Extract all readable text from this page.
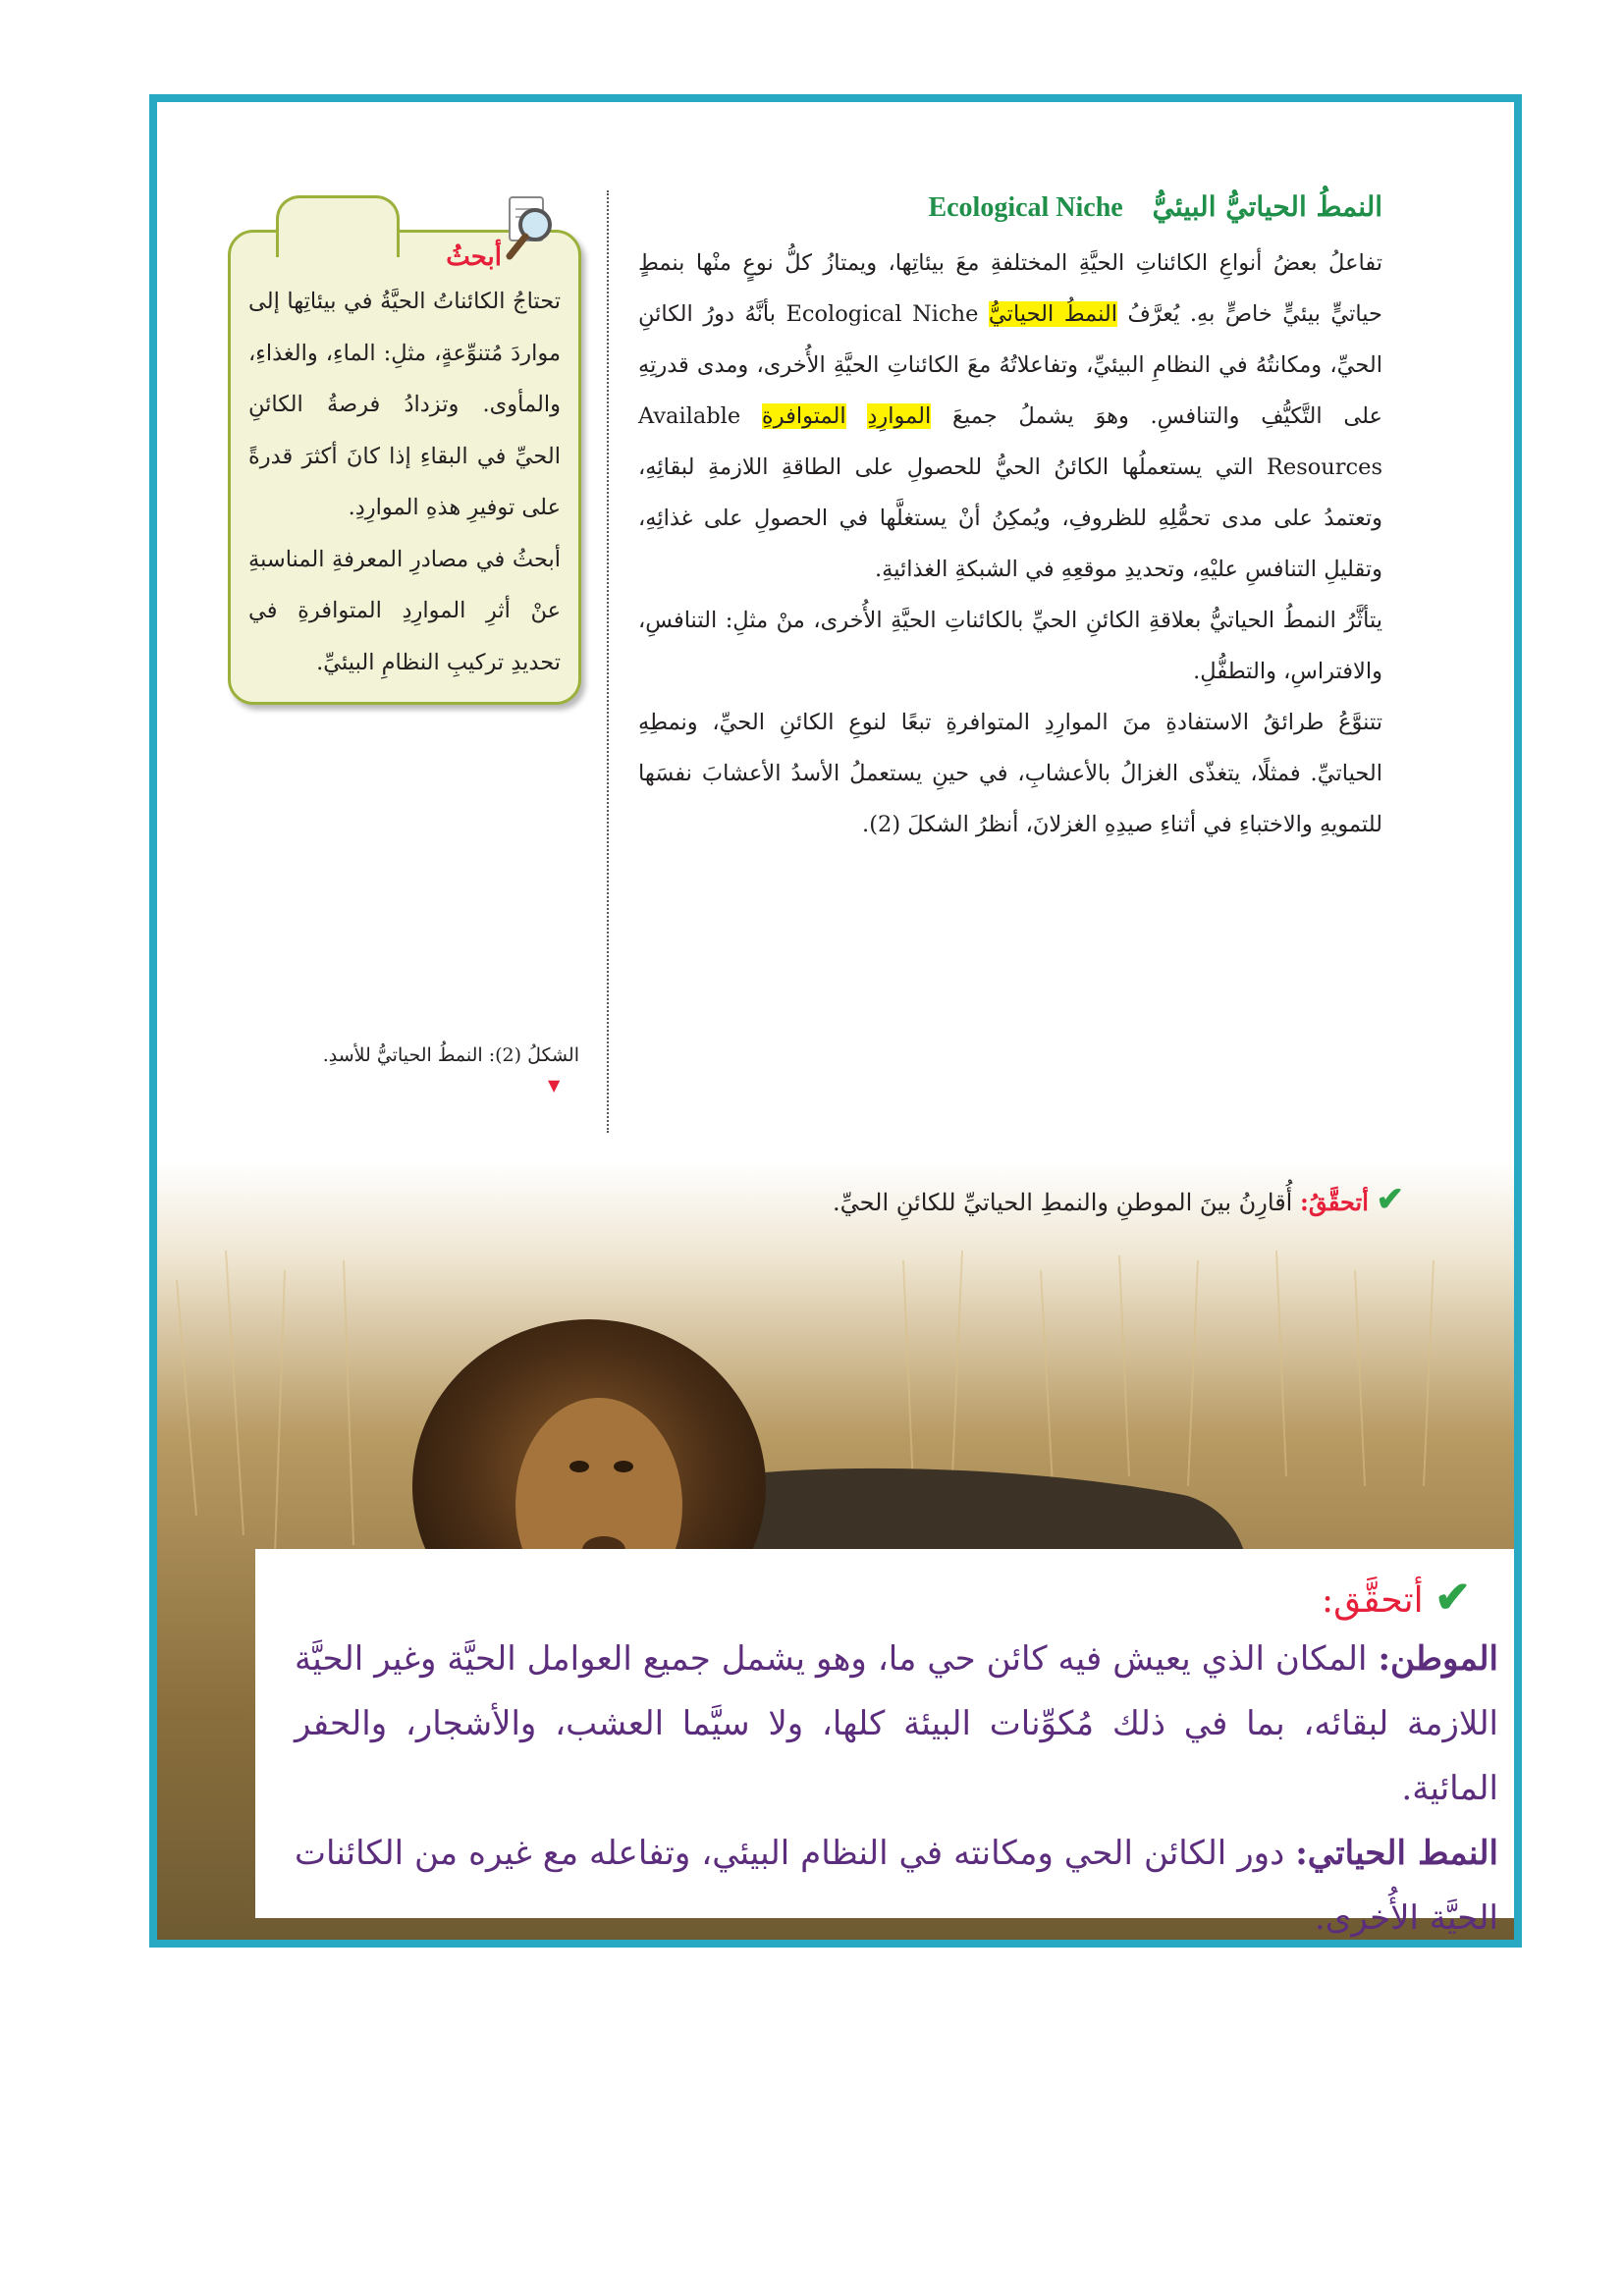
النمطُ الحياتيُّ البيئيُّ Ecological Niche

تفاعلُ بعضُ أنواعِ الكائناتِ الحيَّةِ المختلفةِ معَ بيئاتِها، ويمتازُ كلُّ نوعٍ منْها بنمطٍ حياتيٍّ بيئيٍّ خاصٍّ بهِ. يُعرَّفُ النمطُ الحياتيُّ Ecological Niche بأنَّهُ دورُ الكائنِ الحيِّ، ومكانتُهُ في النظامِ البيئيِّ، وتفاعلاتُهُ معَ الكائناتِ الحيَّةِ الأُخرى، ومدى قدرتِهِ على التَّكيُّفِ والتنافسِ. وهوَ يشملُ جميعَ الموارِدِ المتوافرةِ Available Resources التي يستعملُها الكائنُ الحيُّ للحصولِ على الطاقةِ اللازمةِ لبقائِهِ، وتعتمدُ على مدى تحمُّلِهِ للظروفِ، ويُمكِنُ أنْ يستغلَّها في الحصولِ على غذائِهِ، وتقليلِ التنافسِ عليْهِ، وتحديدِ موقعِهِ في الشبكةِ الغذائيةِ.

يتأثَّرُ النمطُ الحياتيُّ بعلاقةِ الكائنِ الحيِّ بالكائناتِ الحيَّةِ الأُخرى، منْ مثلِ: التنافسِ، والافتراسِ، والتطفُّلِ.

تتنوَّعُ طرائقُ الاستفادةِ منَ الموارِدِ المتوافرةِ تبعًا لنوعِ الكائنِ الحيِّ، ونمطِهِ الحياتيِّ. فمثلًا، يتغذّى الغزالُ بالأعشابِ، في حينِ يستعملُ الأسدُ الأعشابَ نفسَها للتمويهِ والاختباءِ في أثناءِ صيدِهِ الغزلانَ، أنظرُ الشكلَ (2).

أبحثُ

تحتاجُ الكائناتُ الحيَّةُ في بيئاتِها إلى مواردَ مُتنوِّعةٍ، مثلِ: الماءِ، والغذاءِ، والمأوى. وتزدادُ فرصةُ الكائنِ الحيِّ في البقاءِ إذا كانَ أكثرَ قدرةً على توفيرِ هذهِ الموارِدِ.

أبحثُ في مصادرِ المعرفةِ المناسبةِ عنْ أثرِ الموارِدِ المتوافرةِ في تحديدِ تركيبِ النظامِ البيئيِّ.

الشكلُ (2): النمطُ الحياتيُّ للأسدِ.
▼
✔ أتحقَّقُ: أُقارِنُ بينَ الموطنِ والنمطِ الحياتيِّ للكائنِ الحيِّ.
✔ أتحقَّق:

الموطن: المكان الذي يعيش فيه كائن حي ما، وهو يشمل جميع العوامل الحيَّة وغير الحيَّة اللازمة لبقائه، بما في ذلك مُكوِّنات البيئة كلها، ولا سيَّما العشب، والأشجار، والحفر المائية.

النمط الحياتي: دور الكائن الحي ومكانته في النظام البيئي، وتفاعله مع غيره من الكائنات الحيَّة الأُخرى.
